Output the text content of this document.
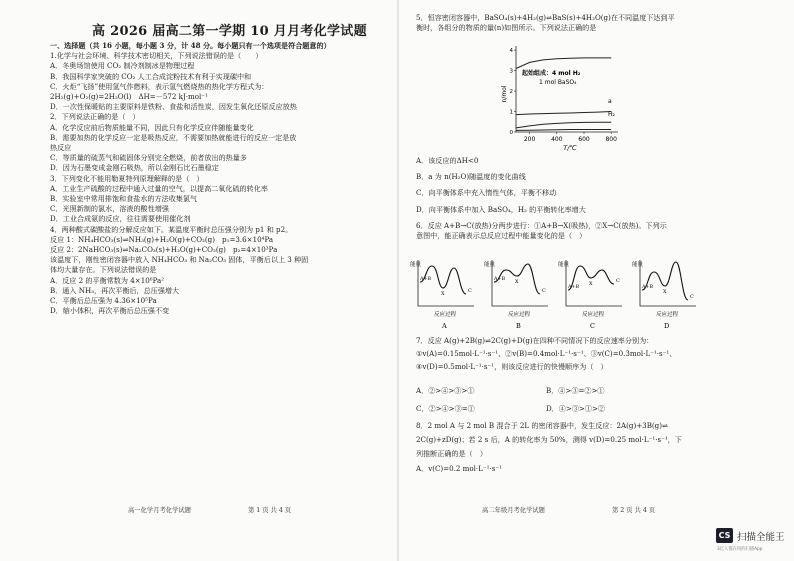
高 2026 届高二第一学期 10 月月考化学试题

一、选择题（共 16 小题，每小题 3 分，计 48 分。每小题只有一个选项是符合题意的）

1.化学与社会环境、科学技术密切相关，下列说法错误的是（　　）

A．冬奥场馆使用 CO₂ 制冷剂制冰是物理过程

B．我国科学家突破的 CO₂ 人工合成淀粉技术有利于实现碳中和

C．火炬“飞扬”使用氢气作燃料，表示氢气燃烧热的热化学方程式为：

2H₂(g)+O₂(g)=2H₂O(l)　ΔH=－572 kJ·mol⁻¹

D．一次性保暖贴的主要原料是铁粉、食盐和活性炭，因发生氧化还原反应放热

2．下列说法正确的是（　）

A．化学反应前后物质能量不同，因此只有化学反应伴随能量变化

B．需要加热的化学反应一定是吸热反应，不需要加热就能进行的反应一定是放

热反应

C．等质量的硫蒸气和硫固体分别完全燃烧，前者放出的热量多

D．因为石墨变成金刚石吸热，所以金刚石比石墨稳定

3．下列变化不能用勒夏特列原理解释的是（　）

A．工业生产硫酸的过程中通入过量的空气，以提高二氧化硫的转化率

B．实验室中常用排饱和食盐水的方法收集氯气

C．光照新制的氯水，溶液的酸性增强

D．工业合成氨的反应，往往需要使用催化剂

4．两种酸式碳酸盐的分解反应如下。某温度平衡时总压强分别为 p1 和 p2。

反应 1：NH₄HCO₃(s)⇌NH₃(g)+H₂O(g)+CO₂(g)　p₁=3.6×10⁴Pa

反应 2：2NaHCO₃(s)⇌Na₂CO₃(s)+H₂O(g)+CO₂(g)　p₂=4×10³Pa

该温度下，刚性密闭容器中放入 NH₄HCO₃ 和 Na₂CO₃ 固体，平衡后以上 3 种固

体均大量存在。下列说法错误的是

A．反应 2 的平衡常数为 4×10⁶Pa²

B．通入 NH₃，再次平衡后，总压强增大

C．平衡后总压强为 4.36×10⁵Pa

D．缩小体积，再次平衡后总压强不变

高一化学月考化学试题	第 1 页 共 4 页

5．恒容密闭容器中，BaSO₄(s)+4H₂(g)⇌BaS(s)+4H₂O(g)在不同温度下达到平

衡时，各组分的物质的量(n)如图所示。下列说法正确的是

n/mol
T/℃
0
1
2
3
4
200	400	600	800
起始组成：4 mol H₂
1 mol BaSO₄
a
H₂

A．该反应的ΔH<0

B．a 为 n(H₂O)随温度的变化曲线

C．向平衡体系中充入惰性气体，平衡不移动

D．向平衡体系中加入 BaSO₄，H₂ 的平衡转化率增大

6．反应 A+B→C(放热)分两步进行：①A+B→X(吸热)，②X→C(放热)。下列示

意图中，能正确表示总反应过程中能量变化的是（　）

能量
A+B
X	C
反应过程
A
能量
A+B X
C
反应过程
B
能量
A+B
X	C
反应过程
C
能量
A+B
X
C
反应过程
D

7．反应 A(g)+2B(g)⇌2C(g)+D(g)在四种不同情况下的反应速率分别为：

①v(A)=0.15mol·L⁻¹·s⁻¹、②v(B)=0.4mol·L⁻¹·s⁻¹、③v(C)=0.3mol·L⁻¹·s⁻¹、

④v(D)=0.5mol·L⁻¹·s⁻¹，则该反应进行的快慢顺序为（　）

A．②>④>③>①	B．④>③=②>①
C．②>④>③=①	D．④>③>①>②

8．2 mol A 与 2 mol B 混合于 2L 的密闭容器中，发生反应：2A(g)+3B(g)⇌

2C(g)+zD(g)；若 2 s 后，A 的转化率为 50%，测得 v(D)=0.25 mol·L⁻¹·s⁻¹，下

列推断正确的是（　）

A．v(C)=0.2 mol·L⁻¹·s⁻¹

高二年级月考化学试题	第 2 页 共 4 页
CS 扫描全能王
3亿人都在用的扫描App
